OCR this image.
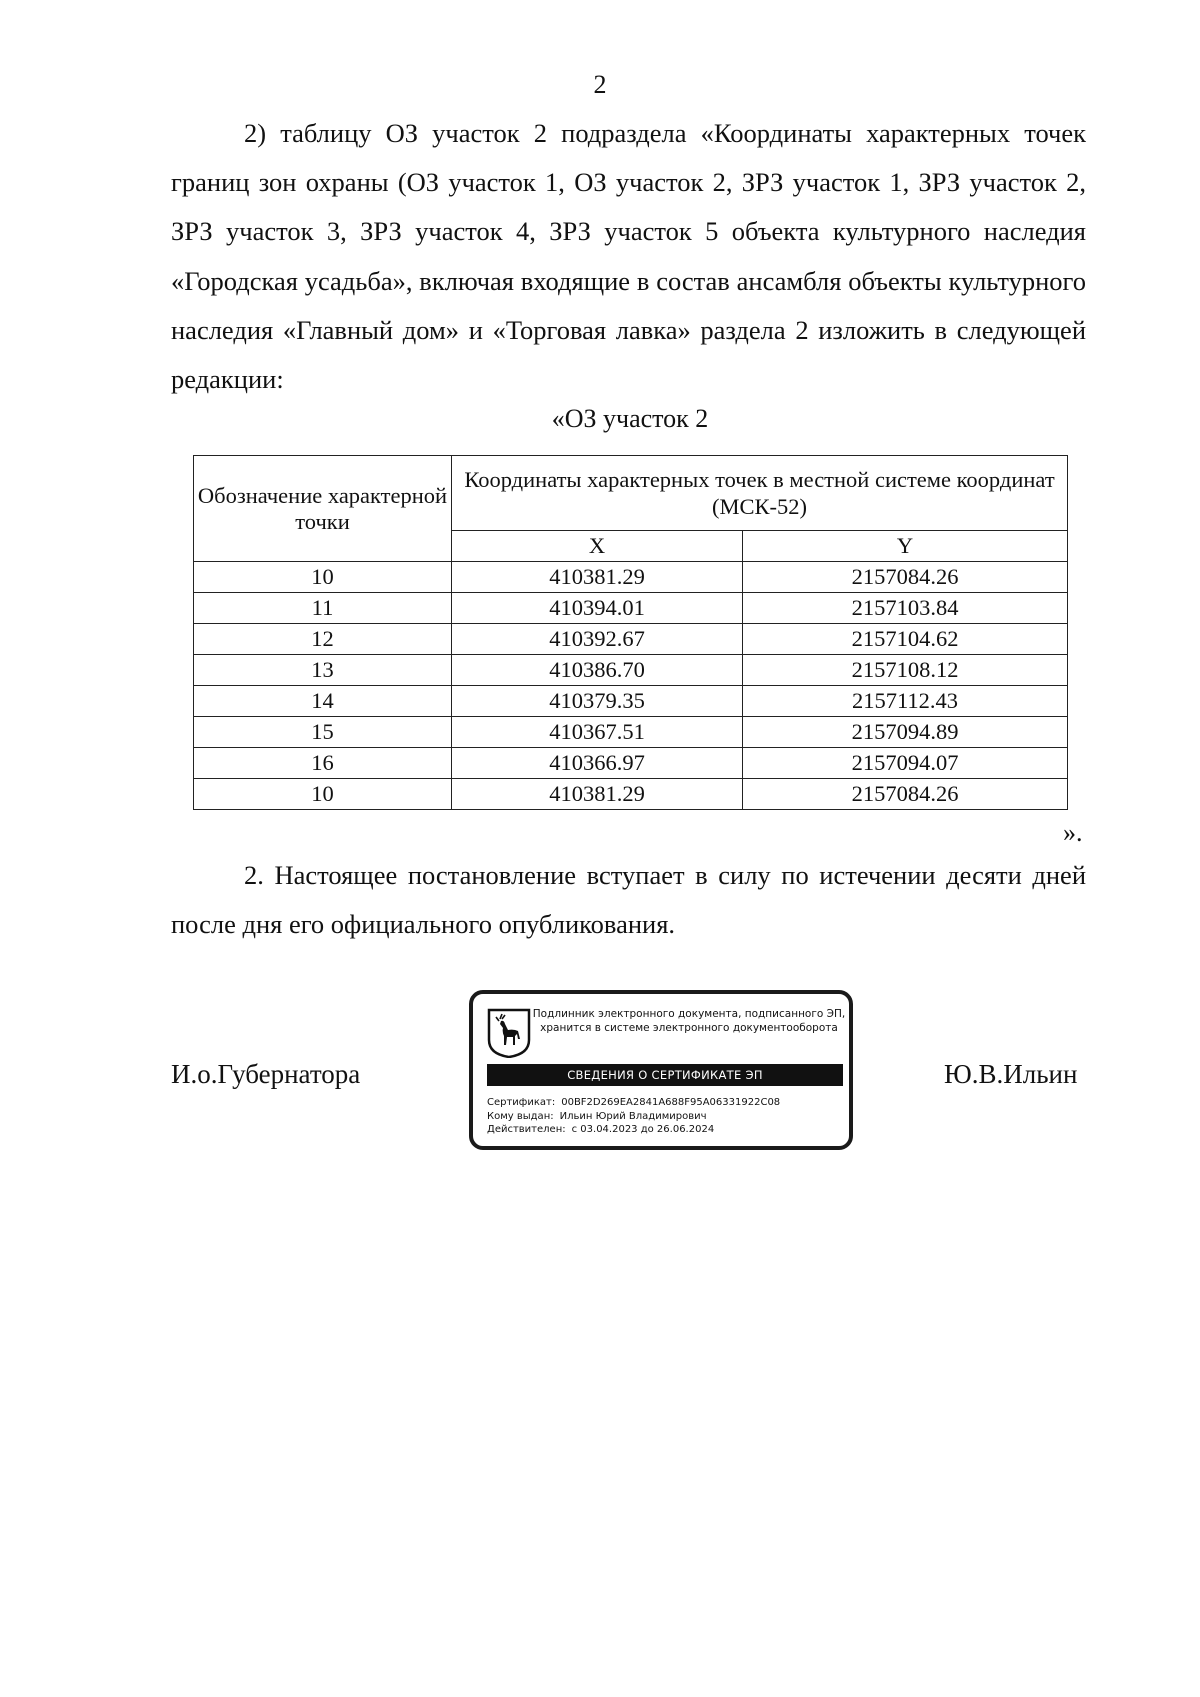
2

2) таблицу ОЗ участок 2 подраздела «Координаты характерных точек границ зон охраны (ОЗ участок 1, ОЗ участок 2, ЗРЗ участок 1, ЗРЗ участок 2, ЗРЗ участок 3, ЗРЗ участок 4, ЗРЗ участок 5 объекта культурного наследия «Городская усадьба», включая входящие в состав ансамбля объекты культурного наследия «Главный дом» и «Торговая лавка» раздела 2 изложить в следующей редакции:

«ОЗ участок 2
Обозначение характерной точки	Координаты характерных точек в местной системе координат (МСК-52)	
	X	Y
10	410381.29	2157084.26
11	410394.01	2157103.84
12	410392.67	2157104.62
13	410386.70	2157108.12
14	410379.35	2157112.43
15	410367.51	2157094.89
16	410366.97	2157094.07
10	410381.29	2157084.26
».

2. Настоящее постановление вступает в силу по истечении десяти дней после дня его официального опубликования.

И.о.Губернатора
Подлинник электронного документа, подписанного ЭП,
хранится в системе электронного документооборота
СВЕДЕНИЯ О СЕРТИФИКАТЕ ЭП
Сертификат: 00BF2D269EA2841A688F95A06331922C08
Кому выдан: Ильин Юрий Владимирович
Действителен: с 03.04.2023 до 26.06.2024
Ю.В.Ильин
